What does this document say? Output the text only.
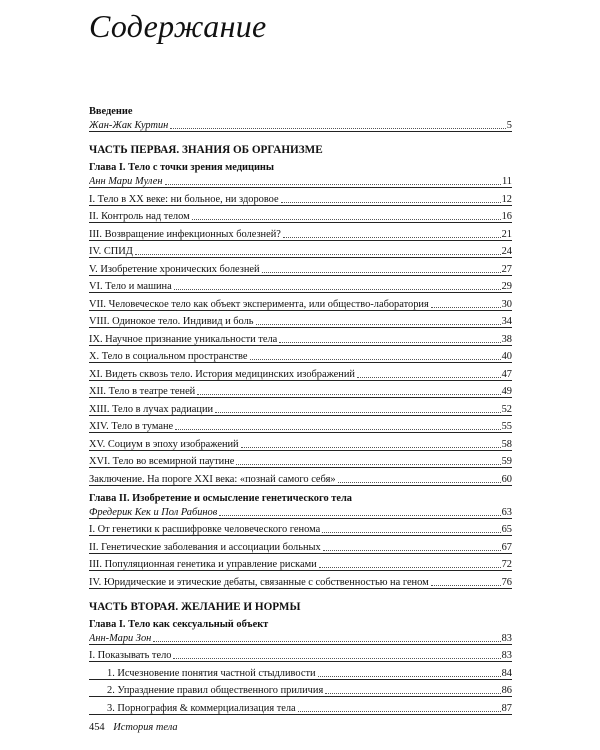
Содержание
Введение
Жан-Жак Куртин	5
ЧАСТЬ ПЕРВАЯ. ЗНАНИЯ ОБ ОРГАНИЗМЕ
Глава I. Тело с точки зрения медицины
Анн Мари Мулен	11
I. Тело в XX веке: ни больное, ни здоровое	12
II. Контроль над телом	16
III. Возвращение инфекционных болезней?	21
IV. СПИД	24
V. Изобретение хронических болезней	27
VI. Тело и машина	29
VII. Человеческое тело как объект эксперимента, или общество-лаборатория	30
VIII. Одинокое тело. Индивид и боль	34
IX. Научное признание уникальности тела	38
X. Тело в социальном пространстве	40
XI. Видеть сквозь тело. История медицинских изображений	47
XII. Тело в театре теней	49
XIII. Тело в лучах радиации	52
XIV. Тело в тумане	55
XV. Социум в эпоху изображений	58
XVI. Тело во всемирной паутине	59
Заключение. На пороге XXI века: «познай самого себя»	60
Глава II. Изобретение и осмысление генетического тела
Фредерик Кек и Пол Рабинов	63
I. От генетики к расшифровке человеческого генома	65
II. Генетические заболевания и ассоциации больных	67
III. Популяционная генетика и управление рисками	72
IV. Юридические и этические дебаты, связанные с собственностью на геном	76
ЧАСТЬ ВТОРАЯ. ЖЕЛАНИЕ И НОРМЫ
Глава I. Тело как сексуальный объект
Анн-Мари Зон	83
I. Показывать тело	83
1. Исчезновение понятия частной стыдливости	84
2. Упразднение правил общественного приличия	86
3. Порнография & коммерциализация тела	87
454 История тела
